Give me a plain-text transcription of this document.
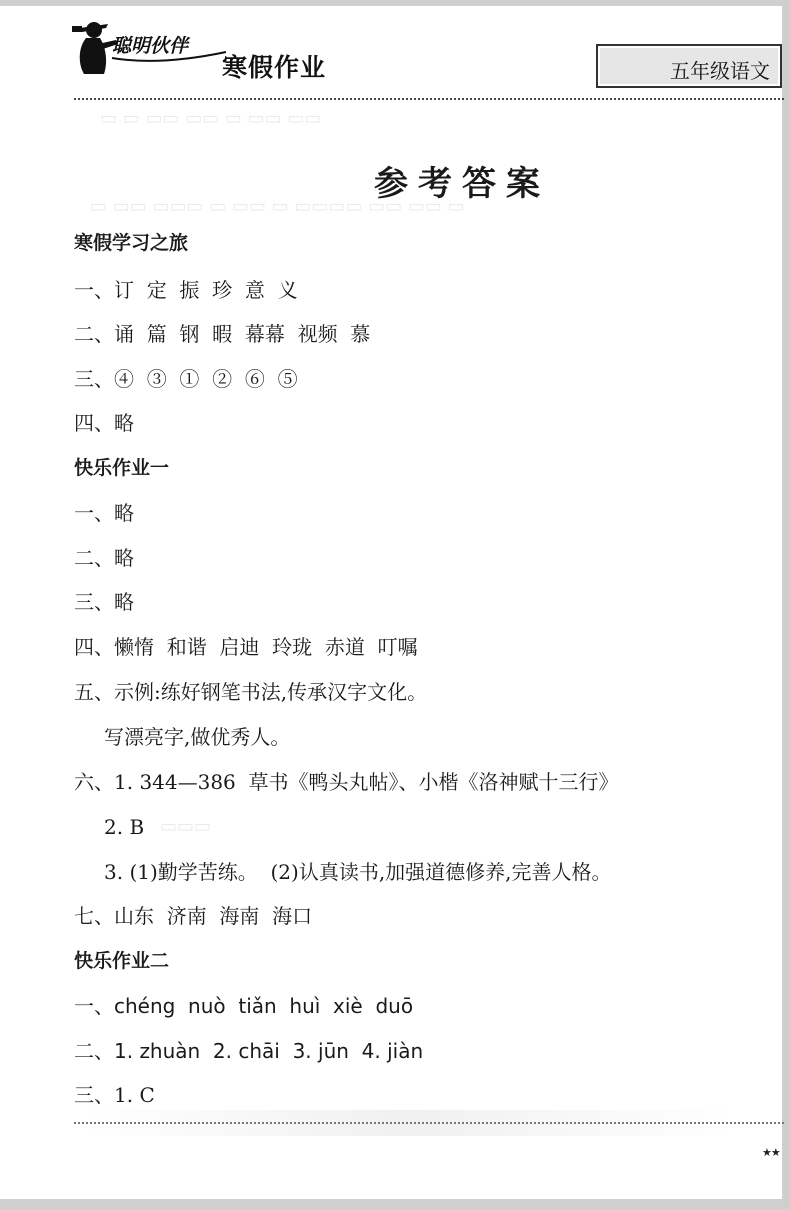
聪明伙伴
寒假作业	五年级语文
▭ ▭ ▭▭ ▭▭ ▭ ▭▭ ▭▭
▭ ▭▭ ▭▭▭ ▭ ▭▭ ▭ ▭▭▭▭ ▭▭ ▭▭ ▭
▭▭▭
参考答案
寒假学习之旅
一、订  定  振  珍  意  义
二、诵  篇  钢  暇  幕幕  视频  慕
三、④  ③  ①  ②  ⑥  ⑤
四、略
快乐作业一
一、略
二、略
三、略
四、懒惰  和谐  启迪  玲珑  赤道  叮嘱
五、示例:练好钢笔书法,传承汉字文化。
写漂亮字,做优秀人。
六、1. 344—386  草书《鸭头丸帖》、小楷《洛神赋十三行》
2. B
3. (1)勤学苦练。  (2)认真读书,加强道德修养,完善人格。
七、山东  济南  海南  海口
快乐作业二
一、chéng  nuò  tiǎn  huì  xiè  duō
二、1. zhuàn  2. chāi  3. jūn  4. jiàn
三、1. C
★★
